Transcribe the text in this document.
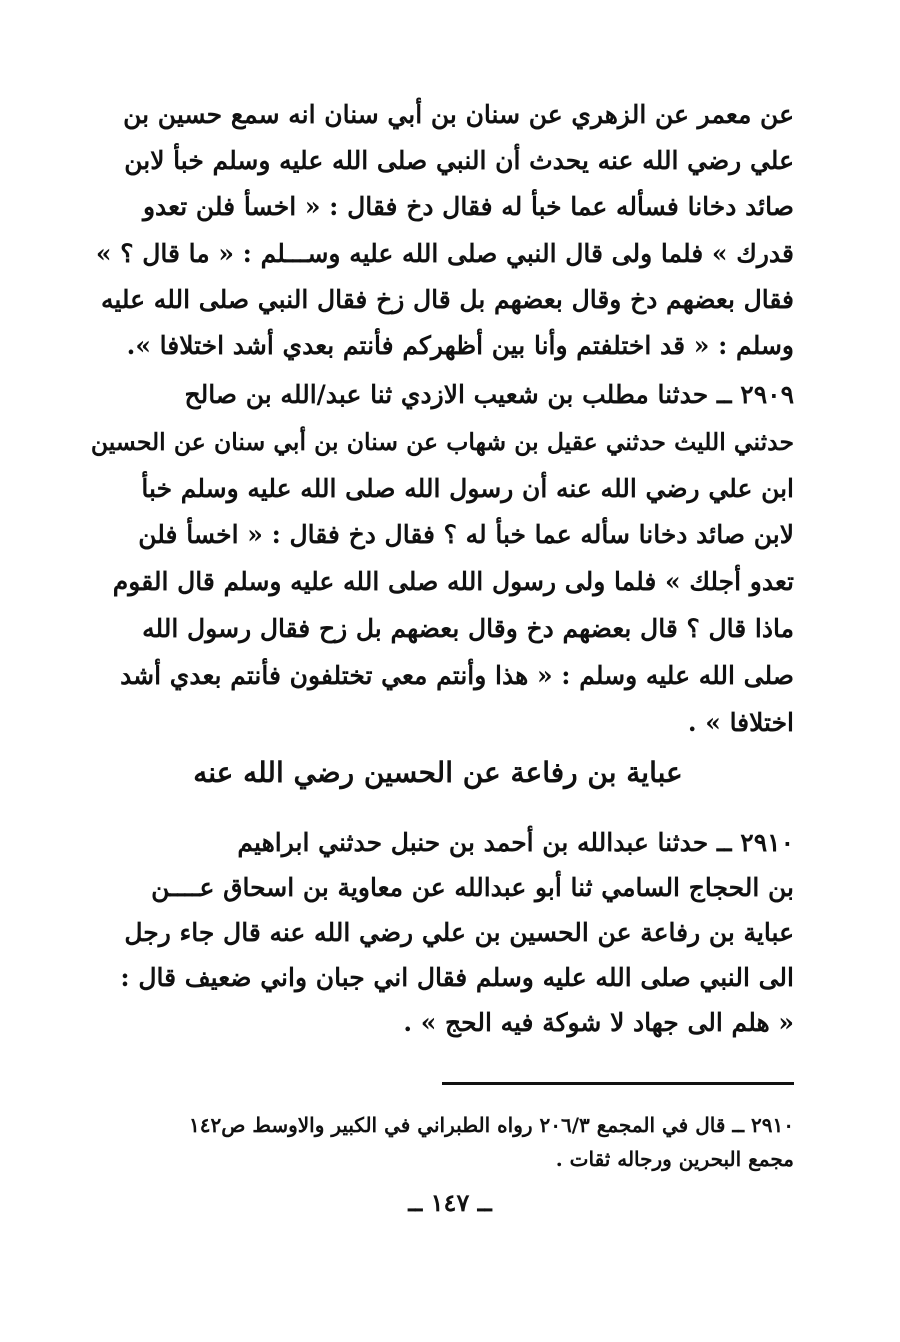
عن معمر عن الزهري عن سنان بن أبي سنان انه سمع حسين بن
علي رضي الله عنه يحدث أن النبي صلى الله عليه وسلم خبأ لابن
صائد دخانا فسأله عما خبأ له فقال دخ فقال : « اخسأ فلن تعدو
قدرك » فلما ولى قال النبي صلى الله عليه وســـلم : « ما قال ؟ »
فقال بعضهم دخ وقال بعضهم بل قال زخ فقال النبي صلى الله عليه
وسلم : « قد اختلفتم وأنا بين أظهركم فأنتم بعدي أشد اختلافا ».
٢٩٠٩ ــ حدثنا مطلب بن شعيب الازدي ثنا عبد/الله بن صالح
حدثني الليث حدثني عقيل بن شهاب عن سنان بن أبي سنان عن الحسين
ابن علي رضي الله عنه أن رسول الله صلى الله عليه وسلم خبأ
لابن صائد دخانا سأله عما خبأ له ؟ فقال دخ فقال : « اخسأ فلن
تعدو أجلك » فلما ولى رسول الله صلى الله عليه وسلم قال القوم
ماذا قال ؟ قال بعضهم دخ وقال بعضهم بل زح فقال رسول الله
صلى الله عليه وسلم : « هذا وأنتم معي تختلفون فأنتم بعدي أشد
اختلافا » .
عباية بن رفاعة عن الحسين رضي الله عنه
٢٩١٠ ــ حدثنا عبدالله بن أحمد بن حنبل حدثني ابراهيم
بن الحجاج السامي ثنا أبو عبدالله عن معاوية بن اسحاق عــــن
عباية بن رفاعة عن الحسين بن علي رضي الله عنه قال جاء رجل
الى النبي صلى الله عليه وسلم فقال اني جبان واني ضعيف قال :
« هلم الى جهاد لا شوكة فيه الحج » .
٢٩١٠ ــ قال في المجمع ٢٠٦/٣ رواه الطبراني في الكبير والاوسط ص١٤٢
مجمع البحرين ورجاله ثقات .
ــ ١٤٧ ــ
